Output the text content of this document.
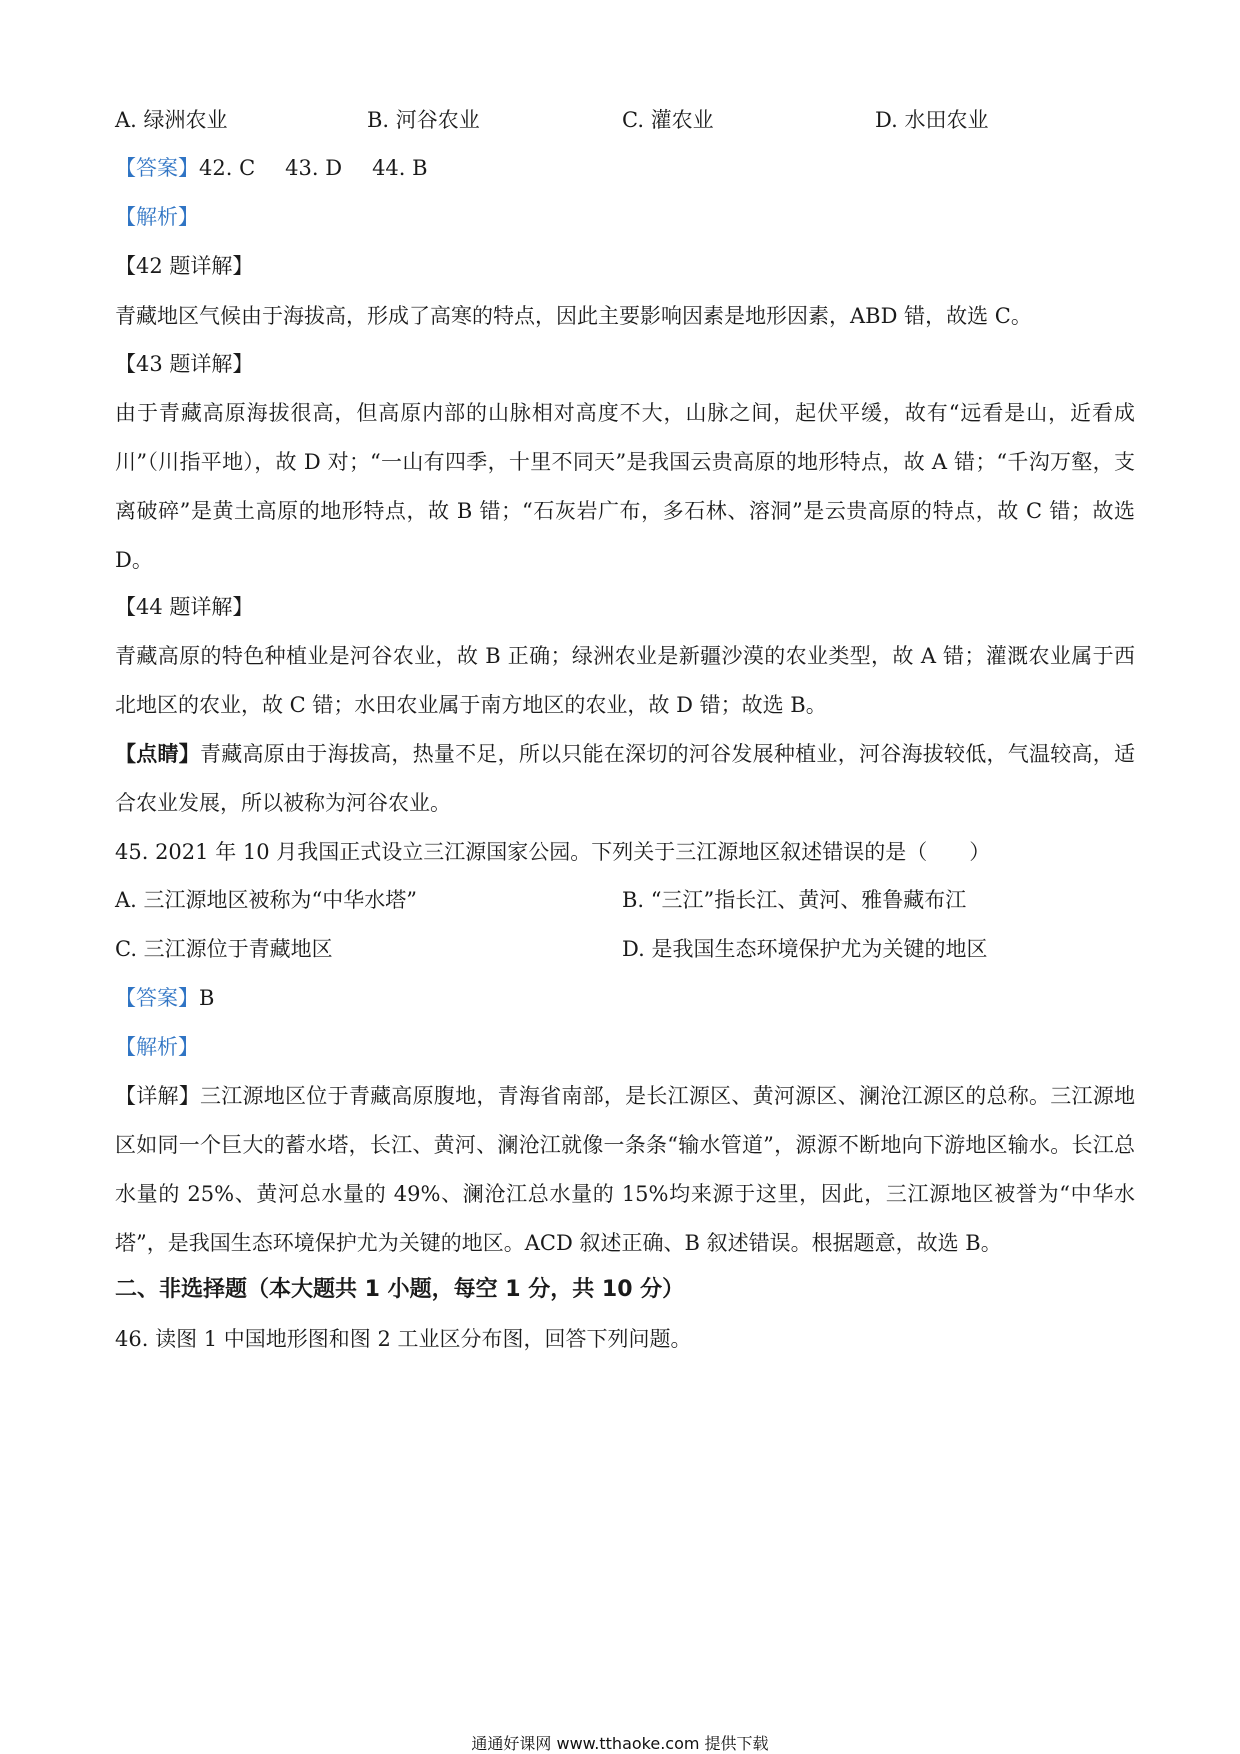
A. 绿洲农业	B. 河谷农业	C. 灌农业	D. 水田农业
【答案】42. C 43. D 44. B
【解析】
【42 题详解】
青藏地区气候由于海拔高，形成了高寒的特点，因此主要影响因素是地形因素，ABD 错，故选 C。
【43 题详解】
由于青藏高原海拔很高，但高原内部的山脉相对高度不大，山脉之间，起伏平缓，故有“远看是山，近看成川”（川指平地），故 D 对；“一山有四季，十里不同天”是我国云贵高原的地形特点，故 A 错；“千沟万壑，支离破碎”是黄土高原的地形特点，故 B 错；“石灰岩广布，多石林、溶洞”是云贵高原的特点，故 C 错；故选 D。
【44 题详解】
青藏高原的特色种植业是河谷农业，故 B 正确；绿洲农业是新疆沙漠的农业类型，故 A 错；灌溉农业属于西北地区的农业，故 C 错；水田农业属于南方地区的农业，故 D 错；故选 B。
【点睛】青藏高原由于海拔高，热量不足，所以只能在深切的河谷发展种植业，河谷海拔较低，气温较高，适合农业发展，所以被称为河谷农业。
45. 2021 年 10 月我国正式设立三江源国家公园。下列关于三江源地区叙述错误的是（　　）
A. 三江源地区被称为“中华水塔”	B. “三江”指长江、黄河、雅鲁藏布江
C. 三江源位于青藏地区	D. 是我国生态环境保护尤为关键的地区
【答案】B
【解析】
【详解】三江源地区位于青藏高原腹地，青海省南部，是长江源区、黄河源区、澜沧江源区的总称。三江源地区如同一个巨大的蓄水塔，长江、黄河、澜沧江就像一条条“输水管道”，源源不断地向下游地区输水。长江总水量的 25%、黄河总水量的 49%、澜沧江总水量的 15%均来源于这里，因此，三江源地区被誉为“中华水塔”，是我国生态环境保护尤为关键的地区。ACD 叙述正确、B 叙述错误。根据题意，故选 B。
二、非选择题（本大题共 1 小题，每空 1 分，共 10 分）
46. 读图 1 中国地形图和图 2 工业区分布图，回答下列问题。
通通好课网 www.tthaoke.com 提供下载
